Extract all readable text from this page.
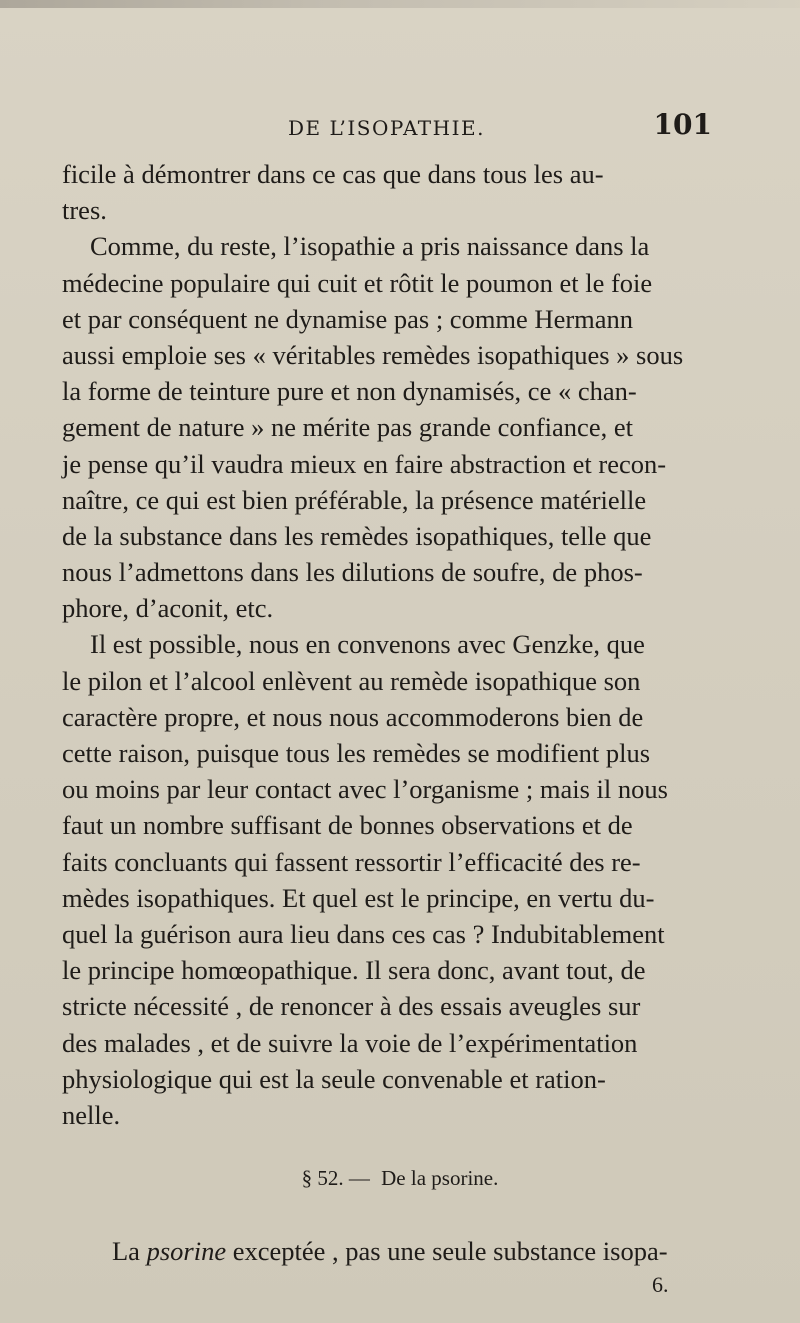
DE L’ISOPATHIE.	101
ficile à démontrer dans ce cas que dans tous les au-
tres.
Comme, du reste, l’isopathie a pris naissance dans la
médecine populaire qui cuit et rôtit le poumon et le foie
et par conséquent ne dynamise pas ; comme Hermann
aussi emploie ses « véritables remèdes isopathiques » sous
la forme de teinture pure et non dynamisés, ce « chan-
gement de nature » ne mérite pas grande confiance, et
je pense qu’il vaudra mieux en faire abstraction et recon-
naître, ce qui est bien préférable, la présence matérielle
de la substance dans les remèdes isopathiques, telle que
nous l’admettons dans les dilutions de soufre, de phos-
phore, d’aconit, etc.
Il est possible, nous en convenons avec Genzke, que
le pilon et l’alcool enlèvent au remède isopathique son
caractère propre, et nous nous accommoderons bien de
cette raison, puisque tous les remèdes se modifient plus
ou moins par leur contact avec l’organisme ; mais il nous
faut un nombre suffisant de bonnes observations et de
faits concluants qui fassent ressortir l’efficacité des re-
mèdes isopathiques. Et quel est le principe, en vertu du-
quel la guérison aura lieu dans ces cas ? Indubitablement
le principe homœopathique. Il sera donc, avant tout, de
stricte nécessité , de renoncer à des essais aveugles sur
des malades , et de suivre la voie de l’expérimentation
physiologique qui est la seule convenable et ration-
nelle.
§ 52. — De la psorine.
La psorine exceptée , pas une seule substance isopa-
6.
